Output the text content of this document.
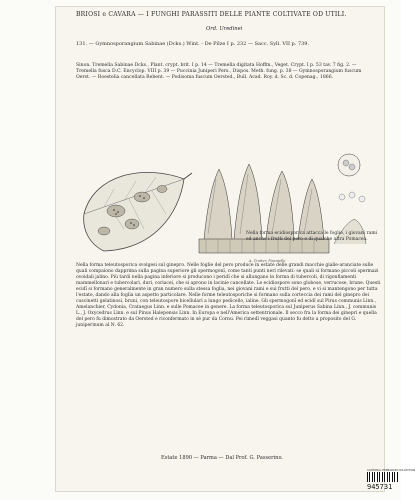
BRIOSI e CAVARA — I FUNGHI PARASSITI DELLE PIANTE COLTIVATE OD UTILI.
Ord. Uredinei
131. — Gymnosporangium Sabinae (Dcks.) Wint. - De Pilze I p. 232 — Sacc. Syll. VII p. 739.
Sinon. Tremella Sabinae Dcks., Plant. crypt. brit. I p. 14 — Tremella digitata Hoffm., Veget. Crypt. I p. 53 tav. 7 fig. 2. — Tremella fusca D.C. Encyclop. VIII p. 39 — Puccinia Juniperi Pers., Dispos. Meth. fung. p. 38 — Gymnosporangium fuscum Oerst. — Roestelia cancellata Rebent. — Podisoma fuscum Oersted., Bull. Acad. Roy. d. Sc. d. Copenag., 1866.
A. Trotter, Pisaniello
Nella forma ecidiosporica attacca le foglie, i giovani rami ed anche i frutti del pero e di qualche altra Pomacea.
Nella forma teleutosporica svolgesi sul ginepro. Nelle foglie del pero produce in estate delle grandi macchie gialle-aranciate sulle quali compaiono dapprima sulla pagina superiore gli spermogonî, come tanti punti neri rilevati: se quali si formano piccoli spermazi ovoidali jalino. Più tardi nella pagina inferiore si producono i peridî che si allungano in forma di tubercoli, di rigonfiamenti mammellonari e tubercolari, duri, coriacei, che si aprono in lacinie cancellate. Le ecidiospore sono globose, verrucose, brune. Questi ecidî si formano generalmente in gran numero sulla stessa foglia, nei giovani rami e sui frutti del pero, e vi si mantengono per tutta l'estate, dando alla foglia un aspetto particolare. Nelle forme teleutosporiche si formano sulla corteccia dei rami del ginepro dei cuscinetti gelatinosi, bruni, con teleutospore bicellulari a lungo pedicello, ialine. Gli spermogonî ed ecidî sul Pirus communis Linn., Amelanchier, Cydonia, Crataegus Linn. e sulle Pomacee in genere. La forma teleutosporica sul Juniperus Sabina Linn., J. communis L., J. Oxycedrus Linn. e sul Pinus Halepensis Linn. In Europa e nell'America settentrionale. Il secco fra la forma dei ginepri e quella del pero fu dimostrato da Oersted e riconfermato in sé pur da Cornu. Pei rimedî veggasi quanto fu detto a proposito del G. juniperinum al N. 62.
Estate 1890 — Parma — Dal Prof. G. Passerino.
CANTONAL HERBARIUM COLLECTION
945731
